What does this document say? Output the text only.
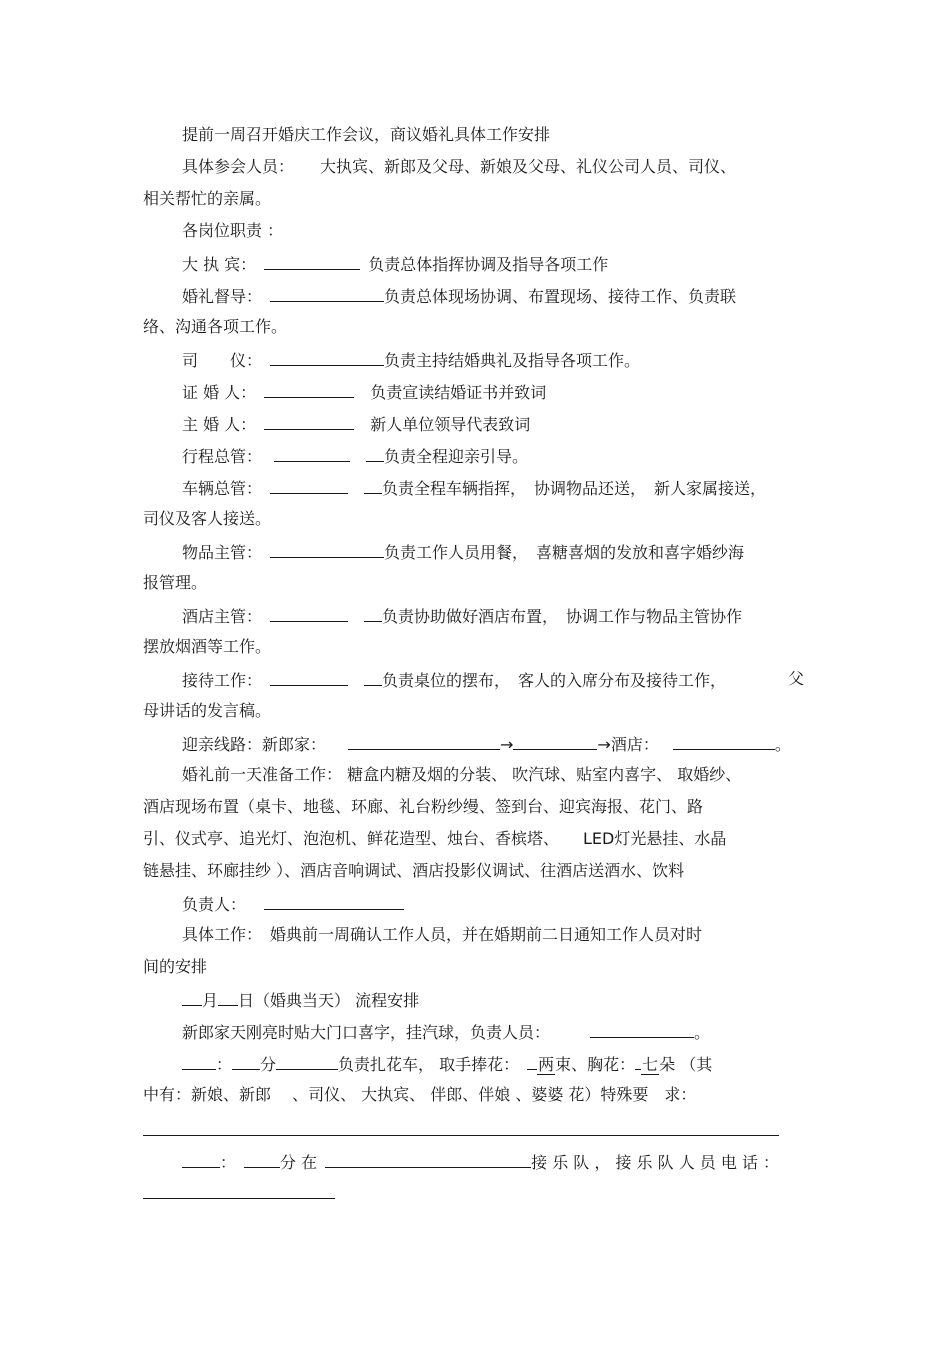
提前一周召开婚庆工作会议，商议婚礼具体工作安排
具体参会人员： 大执宾、新郎及父母、新娘及父母、礼仪公司人员、司仪、
相关帮忙的亲属。
各岗位职责 ：
大 执 宾：	负责总体指挥协调及指导各项工作
婚礼督导：	负责总体现场协调、布置现场、接待工作、负责联
络、沟通各项工作。
司　　仪：	负责主持结婚典礼及指导各项工作。
证 婚 人：	负责宣读结婚证书并致词
主 婚 人：	新人单位领导代表致词
行程总管：	负责全程迎亲引导。
车辆总管：	负责全程车辆指挥，　协调物品还送，　新人家属接送，
司仪及客人接送。
物品主管：	负责工作人员用餐，　喜糖喜烟的发放和喜字婚纱海
报管理。
酒店主管：	负责协助做好酒店布置，　协调工作与物品主管协作
摆放烟酒等工作。
接待工作：	负责桌位的摆布，　客人的入席分布及接待工作，	父
母讲话的发言稿。
迎亲线路：新郎家：	→	→酒店：	。
婚礼前一天准备工作： 糖盒内糖及烟的分装、 吹汽球、贴室内喜字、 取婚纱、
酒店现场布置（桌卡、地毯、环廊、礼台粉纱缦、签到台、迎宾海报、花门、路
引、仪式亭、追光灯、泡泡机、鲜花造型、烛台、香槟塔、　　LED灯光悬挂、水晶
链悬挂、环廊挂纱 ）、酒店音响调试、酒店投影仪调试、往酒店送酒水、饮料
负责人：
具体工作：　婚典前一周确认工作人员，并在婚期前二日通知工作人员对时
间的安排
月 日（婚典当天） 流程安排
新郎家天刚亮时贴大门口喜字，挂汽球，负责人员：	。
： 分	负责扎花车， 取手捧花： 两束、胸花： 七朵 （其
中有：新娘、新郎　 、司仪、 大执宾、 伴郎、伴娘 、婆婆 花）特殊要　求：
：	分 在	接 乐 队 ， 接 乐 队 人 员 电 话 ：
